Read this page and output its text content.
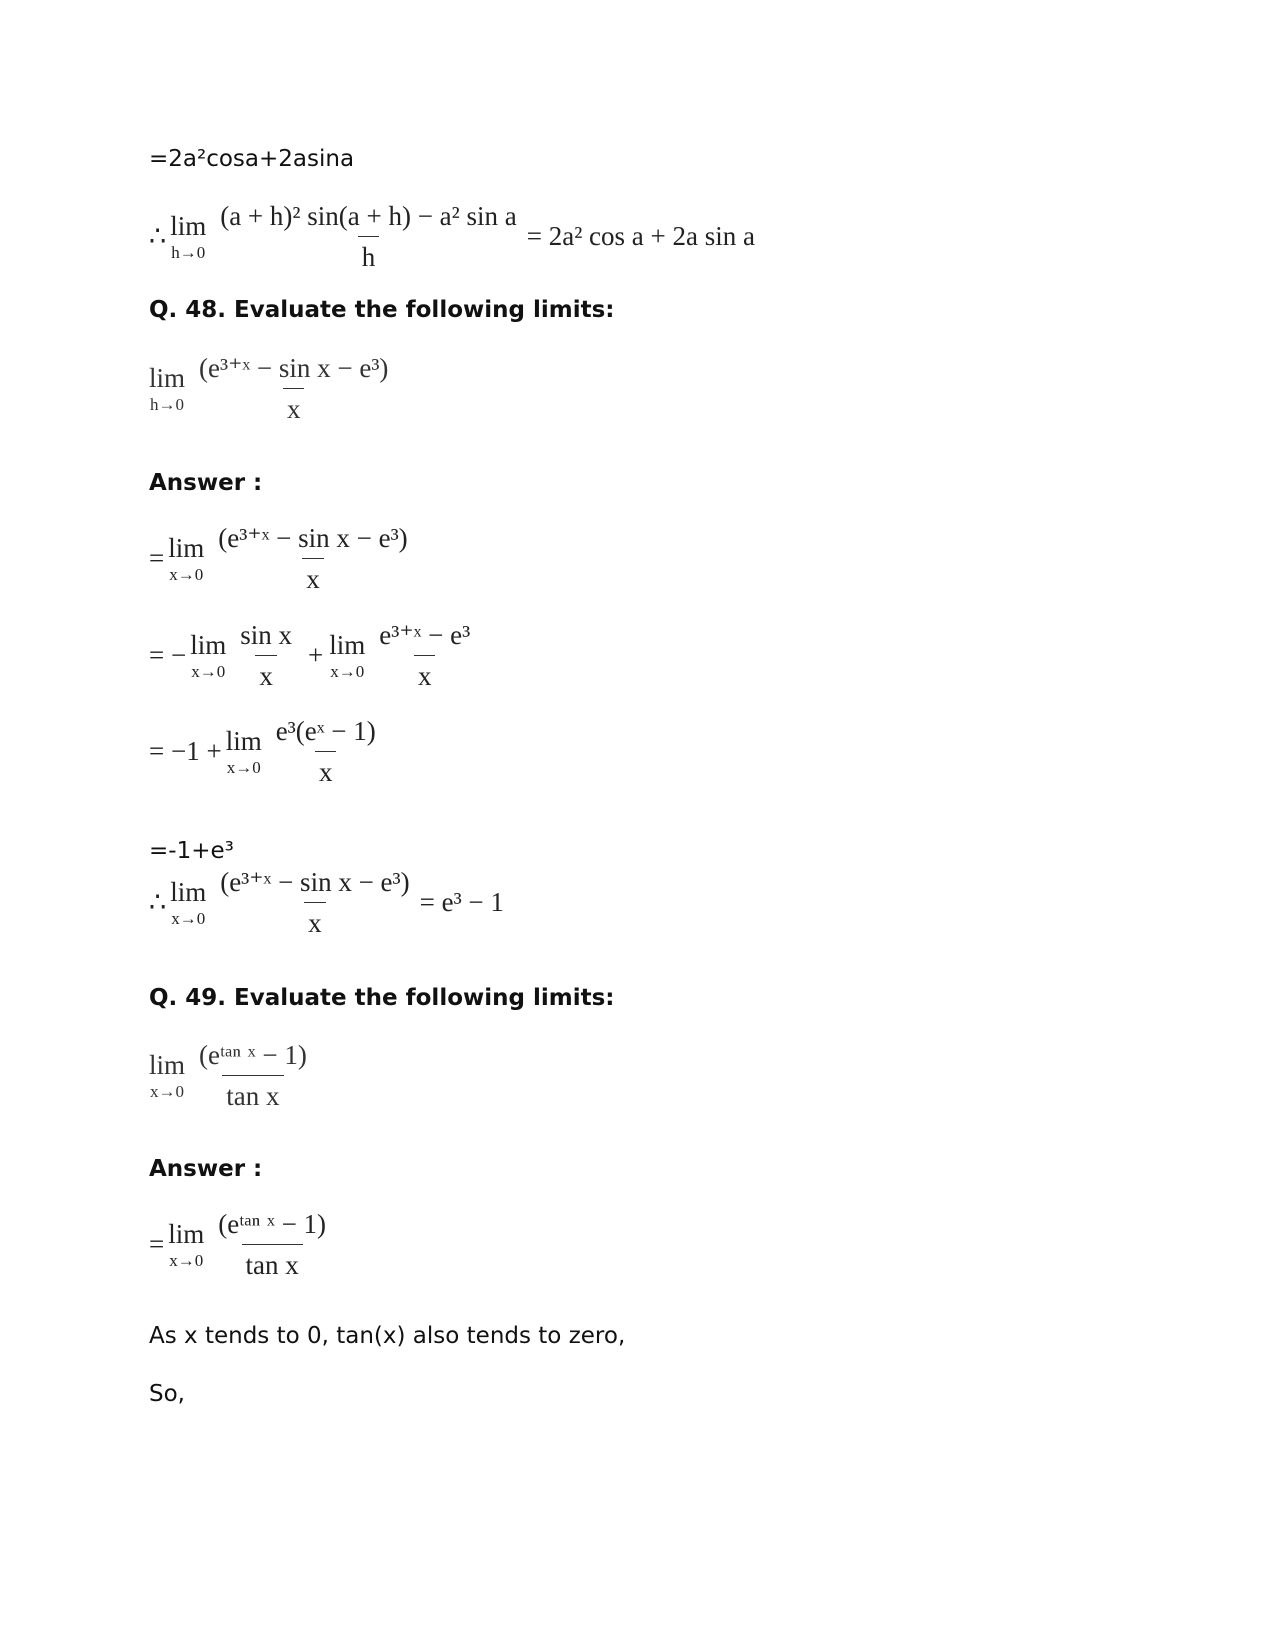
=2a²cosa+2asina
∴ lim
$h\to 0 \frac{\text{(a + h)² sin(a + h) − a² sin a}}{h} = 2a^2$ cos a + 2a sin a
Q. 48. Evaluate the following limits:
lim
$h\to 0 \frac{\text{(e³⁺ˣ − sin x − e³)}}{x}$
Answer :
= lim
$x\to 0 \frac{\text{(e³⁺ˣ − sin x − e³)}}{x}$
= − lim
$x\to 0 \frac{\text{sin x}}{x} + \lim$
$x\to 0 \frac{\text{e³⁺ˣ − e³}}{x}$
= −1 + lim
$x\to 0 \frac{\text{e³(eˣ − 1)}}{x}$
=-1+e³
∴ lim
$x\to 0 \frac{\text{(e³⁺ˣ − sin x − e³)}}{x} = e^3 - 1$
Q. 49. Evaluate the following limits:
lim
$x\to 0 \frac{\text{(eᵗᵃⁿ ˣ − 1)}}{\text{tan x}}$
Answer :
= lim
$x\to 0 \frac{\text{(eᵗᵃⁿ ˣ − 1)}}{\text{tan x}}$
As x tends to 0, tan(x) also tends to zero,
So,
